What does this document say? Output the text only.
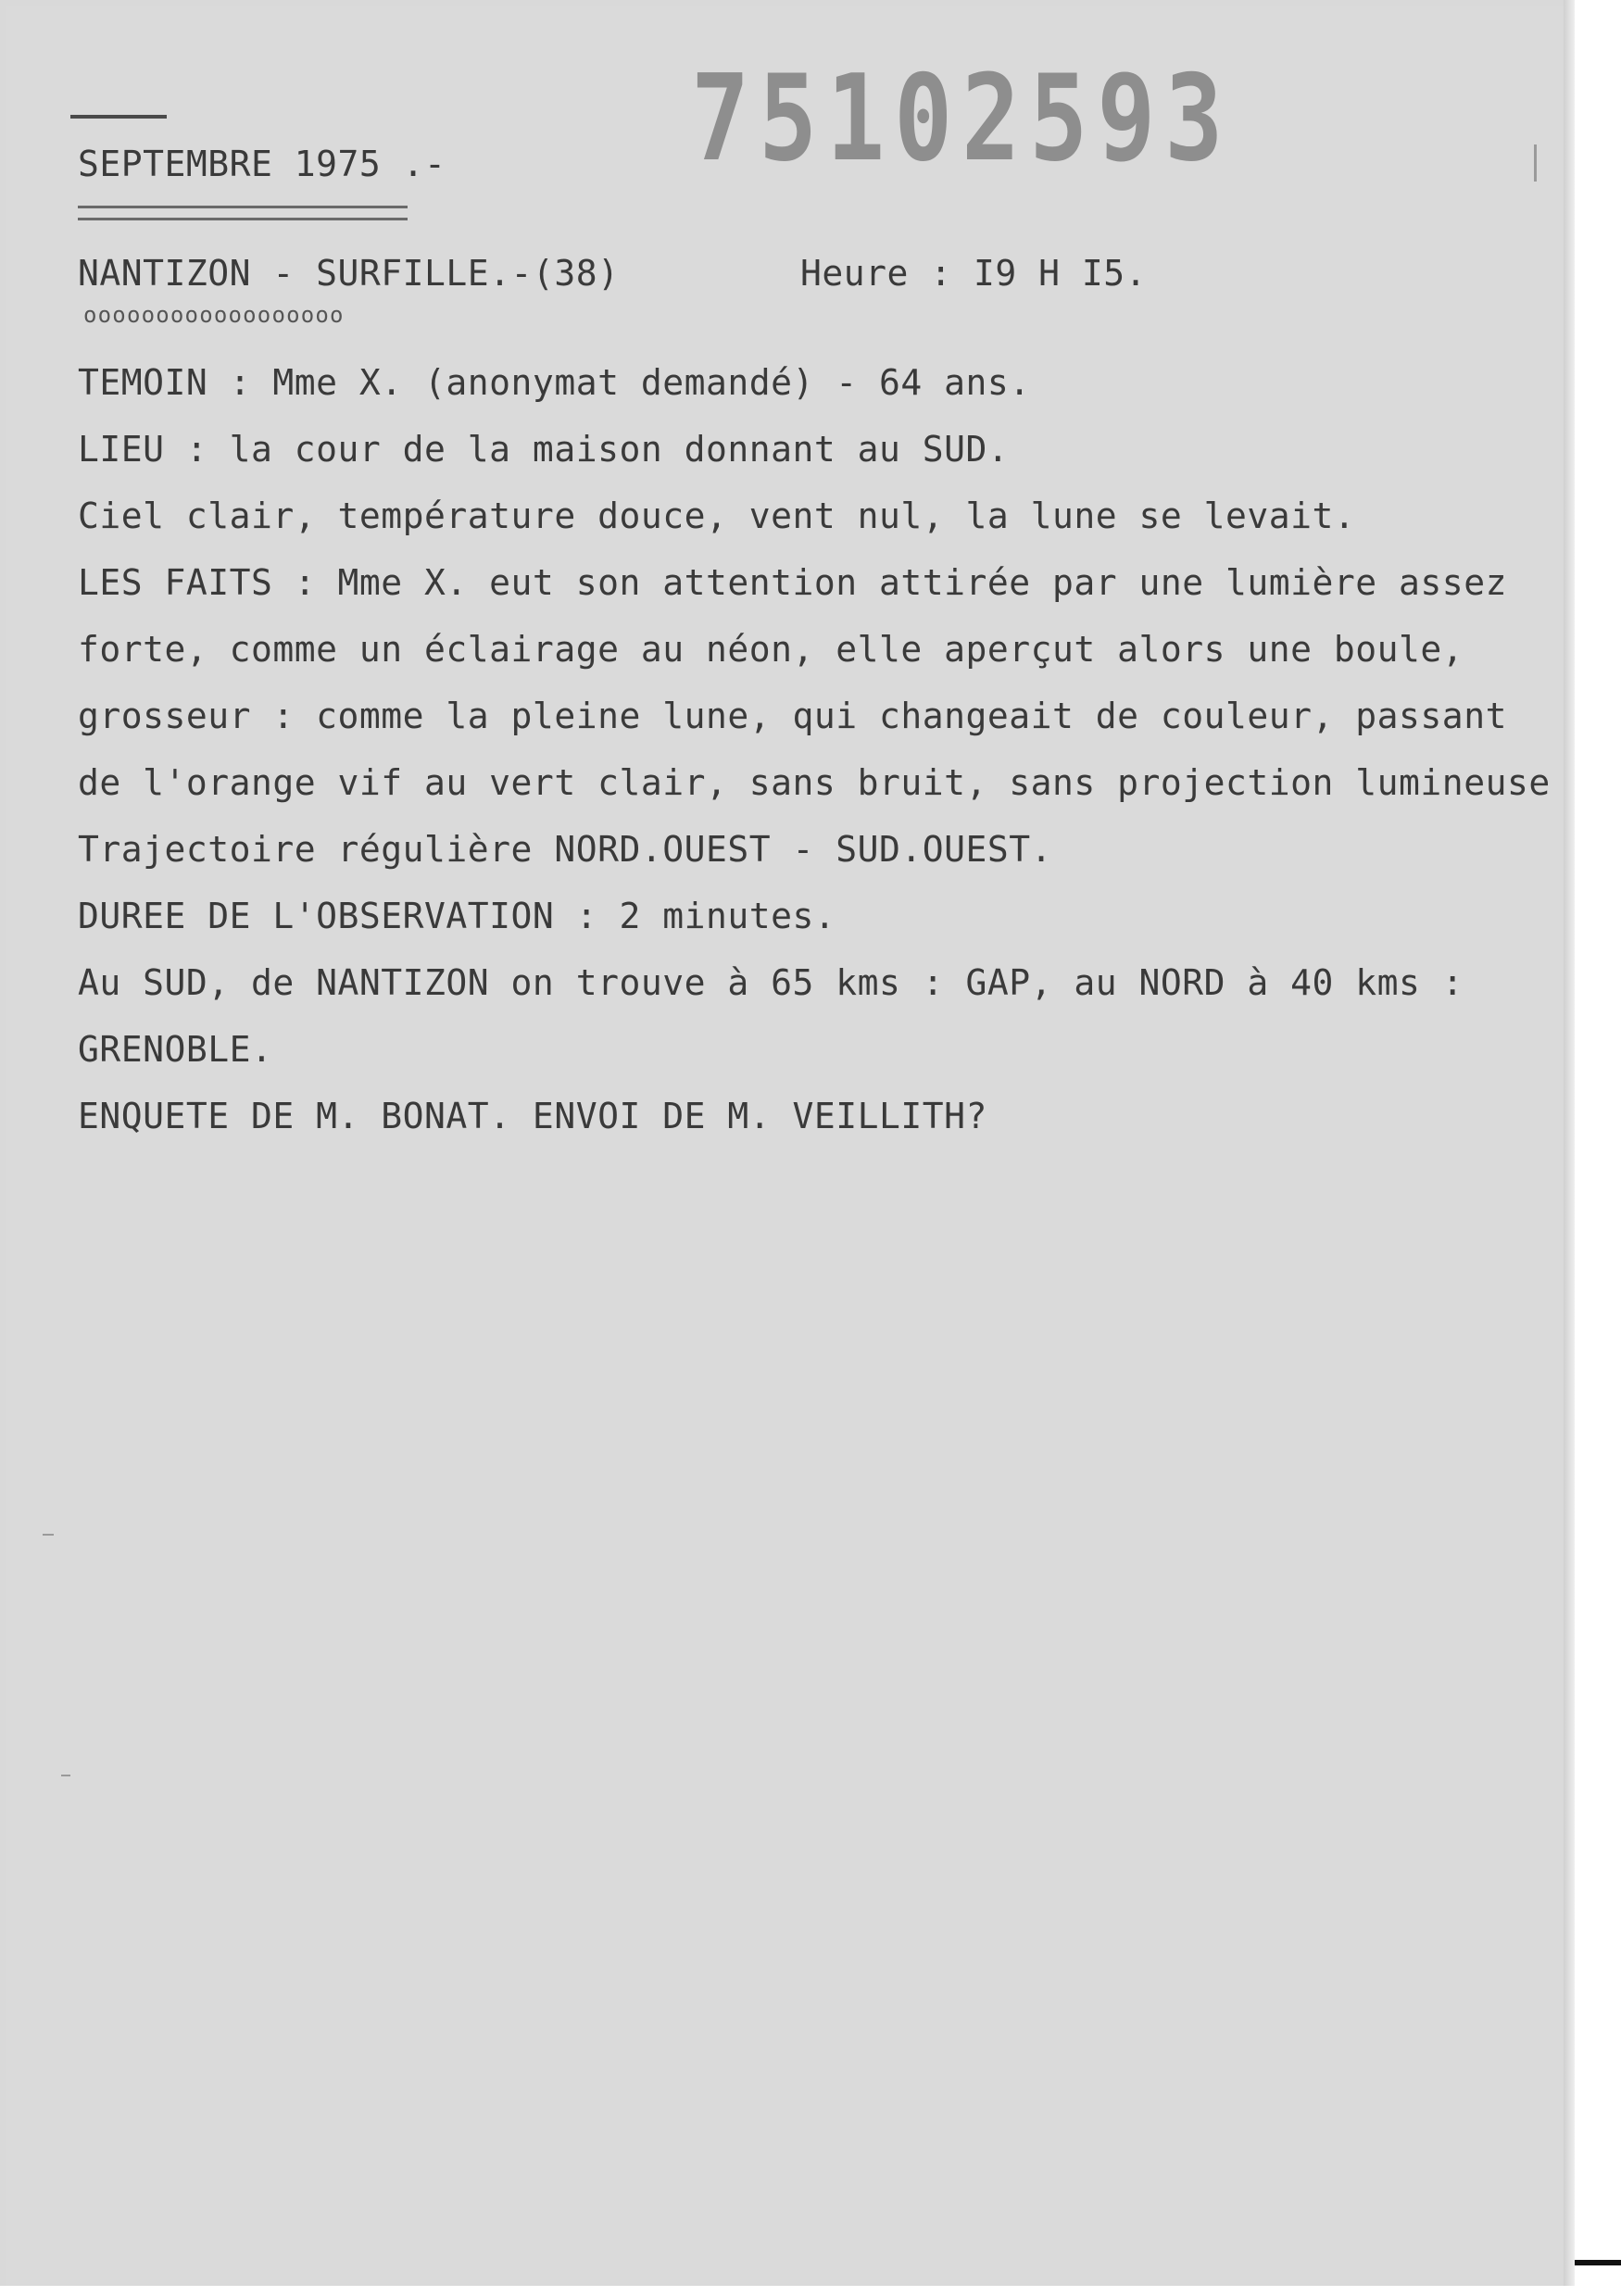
75102593
SEPTEMBRE 1975 .-
NANTIZON - SURFILLE.-(38)	Heure : I9 H I5.
oooooooooooooooooo
TEMOIN : Mme X. (anonymat demandé) - 64 ans.
LIEU : la cour de la maison donnant au SUD.
Ciel clair, température douce, vent nul, la lune se levait.
LES FAITS : Mme X. eut son attention attirée par une lumière assez
forte, comme un éclairage au néon, elle aperçut alors une boule,
grosseur : comme la pleine lune, qui changeait de couleur, passant
de l'orange vif au vert clair, sans bruit, sans projection lumineuse
Trajectoire régulière NORD.OUEST - SUD.OUEST.
DUREE DE L'OBSERVATION : 2 minutes.
Au SUD, de NANTIZON on trouve à 65 kms : GAP, au NORD à 40 kms :
GRENOBLE.
ENQUETE DE M. BONAT. ENVOI DE M. VEILLITH?
